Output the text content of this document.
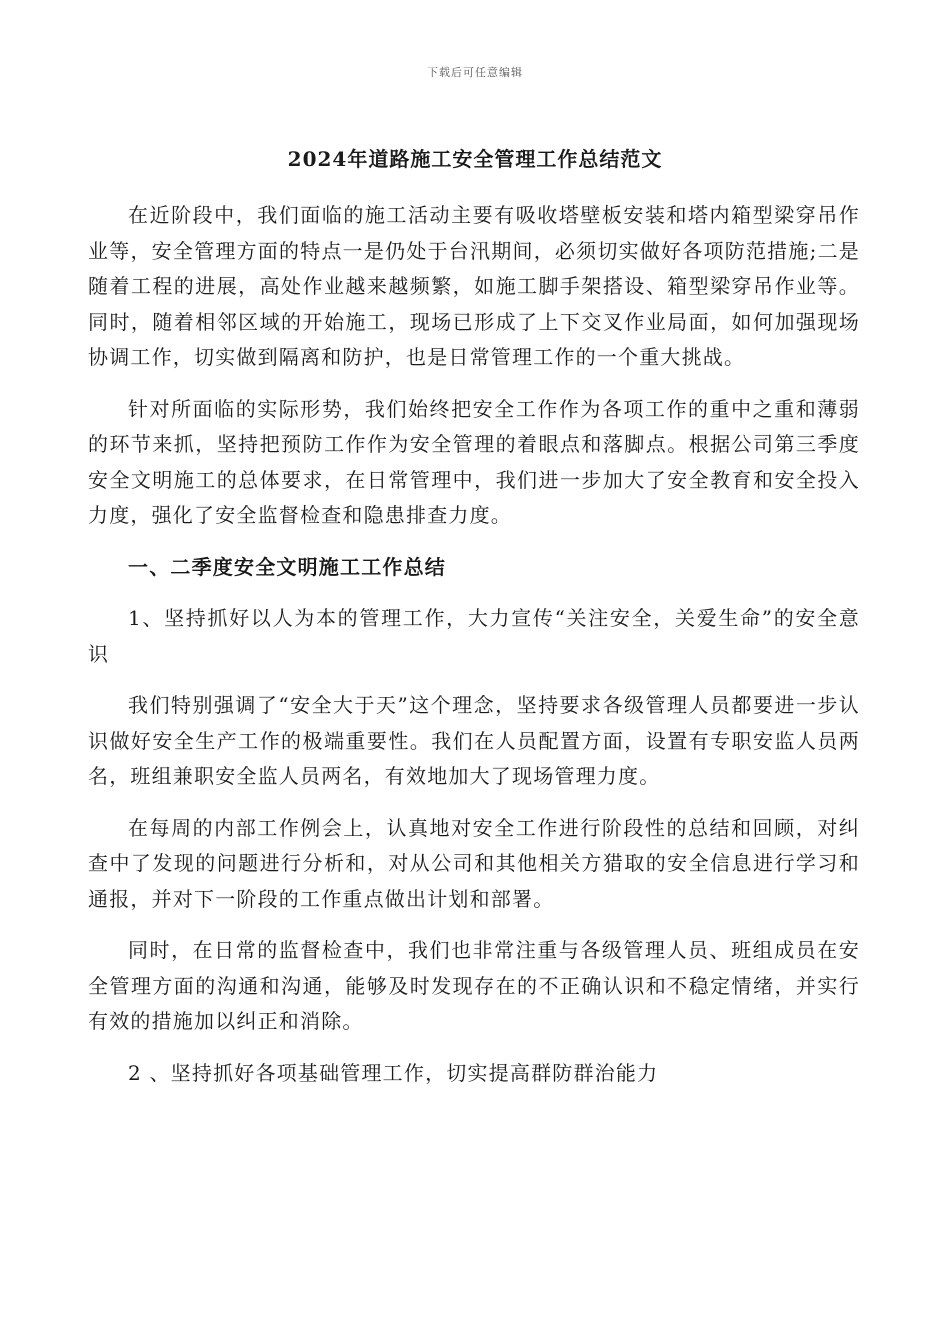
下载后可任意编辑
2024年道路施工安全管理工作总结范文

在近阶段中，我们面临的施工活动主要有吸收塔壁板安装和塔内箱型梁穿吊作业等，安全管理方面的特点一是仍处于台汛期间，必须切实做好各项防范措施;二是随着工程的进展，高处作业越来越频繁，如施工脚手架搭设、箱型梁穿吊作业等。同时，随着相邻区域的开始施工，现场已形成了上下交叉作业局面，如何加强现场协调工作，切实做到隔离和防护，也是日常管理工作的一个重大挑战。

针对所面临的实际形势，我们始终把安全工作作为各项工作的重中之重和薄弱的环节来抓，坚持把预防工作作为安全管理的着眼点和落脚点。根据公司第三季度安全文明施工的总体要求，在日常管理中，我们进一步加大了安全教育和安全投入力度，强化了安全监督检查和隐患排查力度。

一、二季度安全文明施工工作总结

1、坚持抓好以人为本的管理工作，大力宣传“关注安全，关爱生命”的安全意识

我们特别强调了“安全大于天”这个理念，坚持要求各级管理人员都要进一步认识做好安全生产工作的极端重要性。我们在人员配置方面，设置有专职安监人员两名，班组兼职安全监人员两名，有效地加大了现场管理力度。

在每周的内部工作例会上，认真地对安全工作进行阶段性的总结和回顾，对纠查中了发现的问题进行分析和，对从公司和其他相关方猎取的安全信息进行学习和通报，并对下一阶段的工作重点做出计划和部署。

同时，在日常的监督检查中，我们也非常注重与各级管理人员、班组成员在安全管理方面的沟通和沟通，能够及时发现存在的不正确认识和不稳定情绪，并实行有效的措施加以纠正和消除。

2 、坚持抓好各项基础管理工作，切实提高群防群治能力
